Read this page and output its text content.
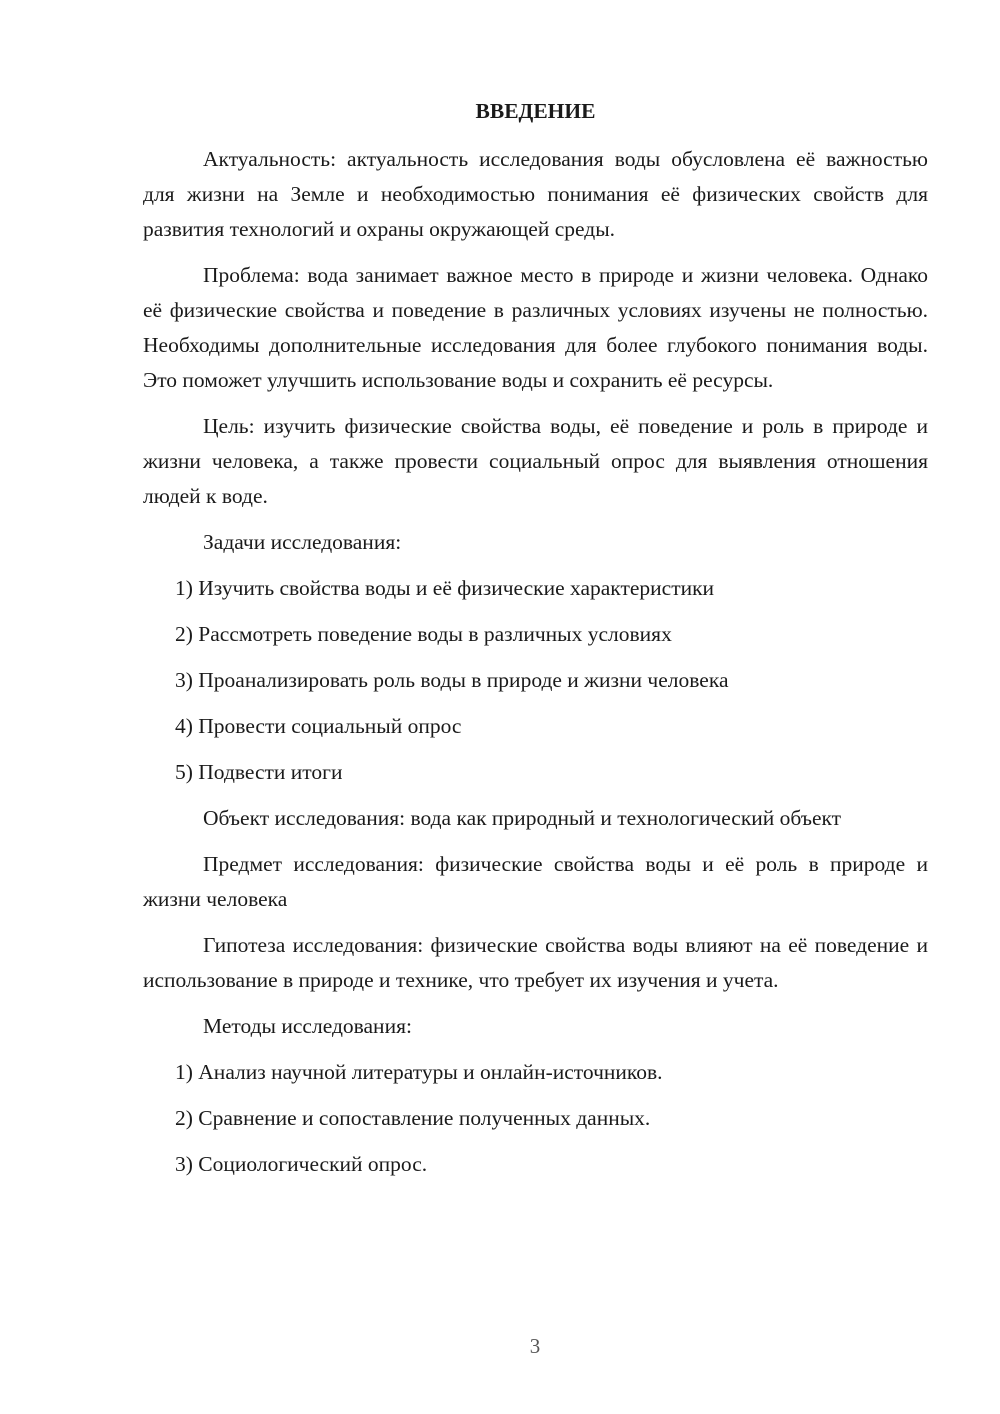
ВВЕДЕНИЕ

Актуальность: актуальность исследования воды обусловлена её важностью для жизни на Земле и необходимостью понимания её физических свойств для развития технологий и охраны окружающей среды.

Проблема: вода занимает важное место в природе и жизни человека. Однако её физические свойства и поведение в различных условиях изучены не полностью. Необходимы дополнительные исследования для более глубокого понимания воды. Это поможет улучшить использование воды и сохранить её ресурсы.

Цель: изучить физические свойства воды, её поведение и роль в природе и жизни человека, а также провести социальный опрос для выявления отношения людей к воде.

Задачи исследования:

1) Изучить свойства воды и её физические характеристики

2) Рассмотреть поведение воды в различных условиях

3) Проанализировать роль воды в природе и жизни человека

4) Провести социальный опрос

5) Подвести итоги

Объект исследования: вода как природный и технологический объект

Предмет исследования: физические свойства воды и её роль в природе и жизни человека

Гипотеза исследования: физические свойства воды влияют на её поведение и использование в природе и технике, что требует их изучения и учета.

Методы исследования:

1) Анализ научной литературы и онлайн-источников.

2) Сравнение и сопоставление полученных данных.

3) Социологический опрос.

3
